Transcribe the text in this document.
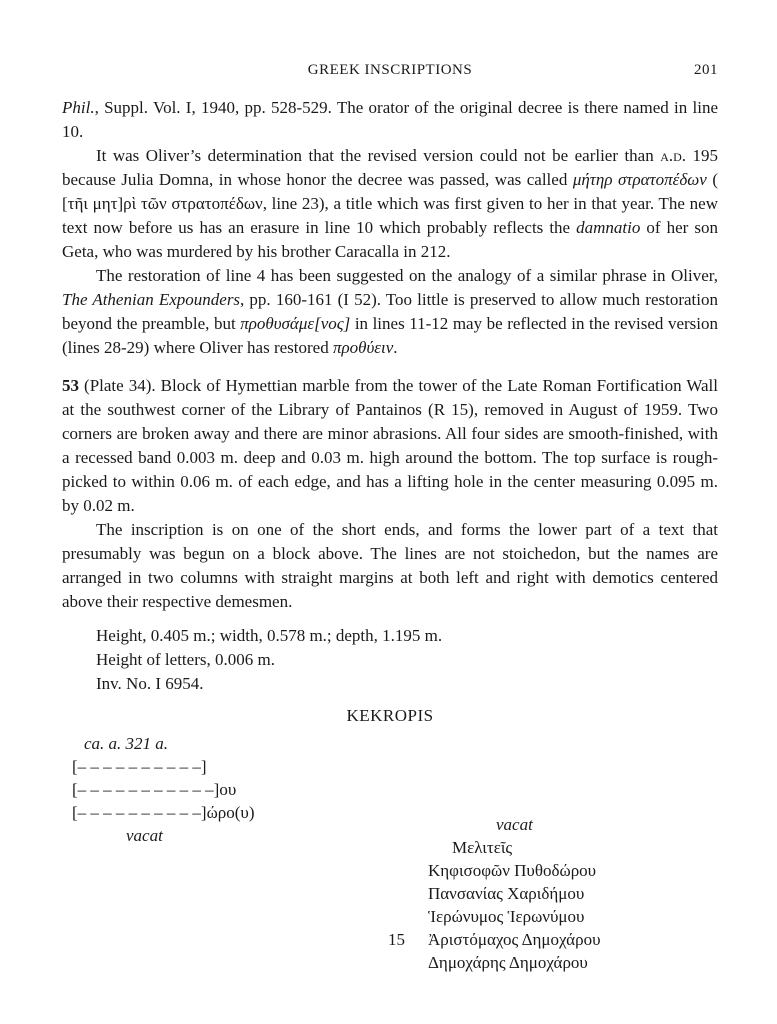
GREEK INSCRIPTIONS	201

Phil., Suppl. Vol. I, 1940, pp. 528-529. The orator of the original decree is there named in line 10.

It was Oliver’s determination that the revised version could not be earlier than a.d. 195 because Julia Domna, in whose honor the decree was passed, was called μήτηρ στρατοπέδων ( [τῆι μητ]ρὶ τῶν στρατοπέδων, line 23), a title which was first given to her in that year. The new text now before us has an erasure in line 10 which probably reflects the damnatio of her son Geta, who was murdered by his brother Caracalla in 212.

The restoration of line 4 has been suggested on the analogy of a similar phrase in Oliver, The Athenian Expounders, pp. 160-161 (I 52). Too little is preserved to allow much restoration beyond the preamble, but προθυσάμε[νος] in lines 11-12 may be reflected in the revised version (lines 28-29) where Oliver has restored προθύειν.

53 (Plate 34). Block of Hymettian marble from the tower of the Late Roman Fortification Wall at the southwest corner of the Library of Pantainos (R 15), removed in August of 1959. Two corners are broken away and there are minor abrasions. All four sides are smooth-finished, with a recessed band 0.003 m. deep and 0.03 m. high around the bottom. The top surface is rough-picked to within 0.06 m. of each edge, and has a lifting hole in the center measuring 0.095 m. by 0.02 m.

The inscription is on one of the short ends, and forms the lower part of a text that presumably was begun on a block above. The lines are not stoichedon, but the names are arranged in two columns with straight margins at both left and right with demotics centered above their respective demesmen.

Height, 0.405 m.; width, 0.578 m.; depth, 1.195 m.
Height of letters, 0.006 m.
Inv. No. I 6954.
KEKROPIS
ca. a. 321 a.
[– – – – – – – – – –]
[– – – – – – – – – – –]ου
[– – – – – – – – – –]ώρο(υ)
vacat
vacat
Μελιτεῖς
Κηφισοφῶν Πυθοδώρου
Πανσανίας Χαριδήμου
Ἱερώνυμος Ἱερωνύμου
15 Ἀριστόμαχος Δημοχάρου
Δημοχάρης Δημοχάρου
